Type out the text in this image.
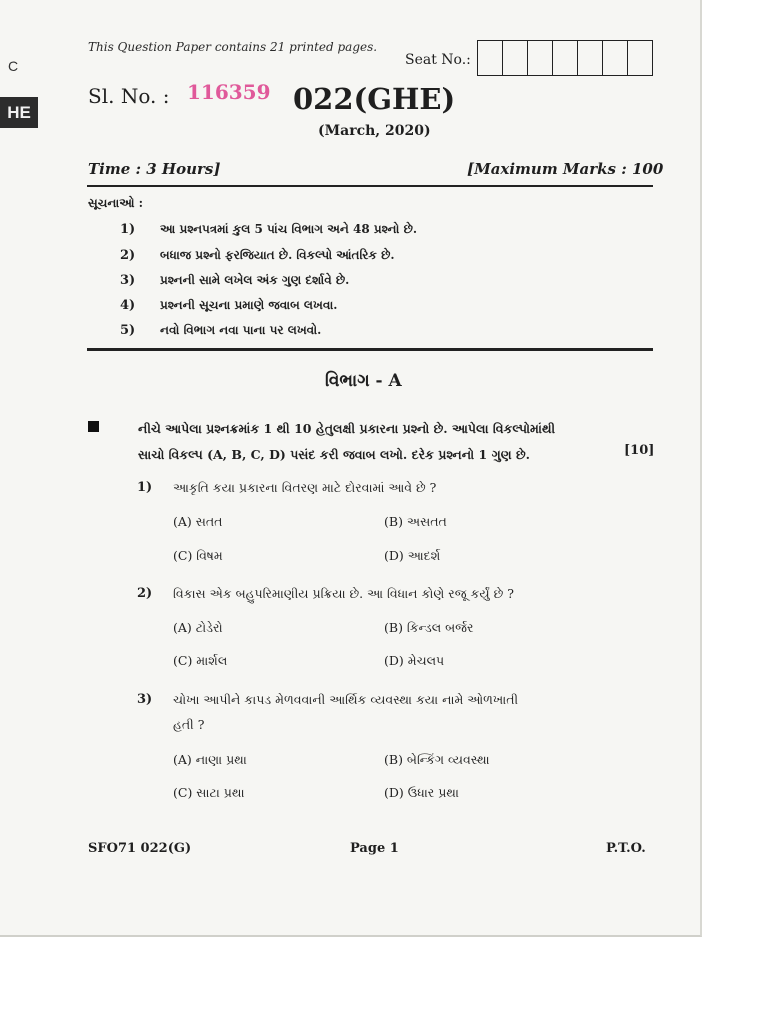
C
HE
This Question Paper contains 21 printed pages.
Seat No.:
Sl. No. : 116359 022(GHE)
(March, 2020)
Time : 3 Hours]	[Maximum Marks : 100
સૂચનાઓ :
1) આ પ્રશ્નપત્રમાં કુલ 5 પાંચ વિભાગ અને 48 પ્રશ્નો છે.
2) બધાજ પ્રશ્નો ફરજિયાત છે. વિકલ્પો આંતરિક છે.
3) પ્રશ્નની સામે લખેલ અંક ગુણ દર્શાવે છે.
4) પ્રશ્નની સૂચના પ્રમાણે જવાબ લખવા.
5) નવો વિભાગ નવા પાના પર લખવો.
વિભાગ - A
નીચે આપેલા પ્રશ્નક્રમાંક 1 થી 10 હેતુલક્ષી પ્રકારના પ્રશ્નો છે. આપેલા વિકલ્પોમાંથી
સાચો વિકલ્પ (A, B, C, D) પસંદ કરી જવાબ લખો. દરેક પ્રશ્નનો 1 ગુણ છે.	[10]
1) આકૃતિ કયા પ્રકારના વિતરણ માટે દોરવામાં આવે છે ?
(A) સતત	(B) અસતત
(C) વિષમ	(D) આદર્શ
2) વિકાસ એક બહુપરિમાણીય પ્રક્રિયા છે. આ વિધાન કોણે રજૂ કર્યું છે ?
(A) ટોડેરો	(B) કિન્ડલ બર્જર
(C) માર્શલ	(D) મેચલપ
3) ચોખા આપીને કાપડ મેળવવાની આર્થિક વ્યવસ્થા કયા નામે ઓળખાતી
હતી ?
(A) નાણા પ્રથા	(B) બેન્કિંગ વ્યવસ્થા
(C) સાટા પ્રથા	(D) ઉધાર પ્રથા
SFO71 022(G)	Page 1	P.T.O.
